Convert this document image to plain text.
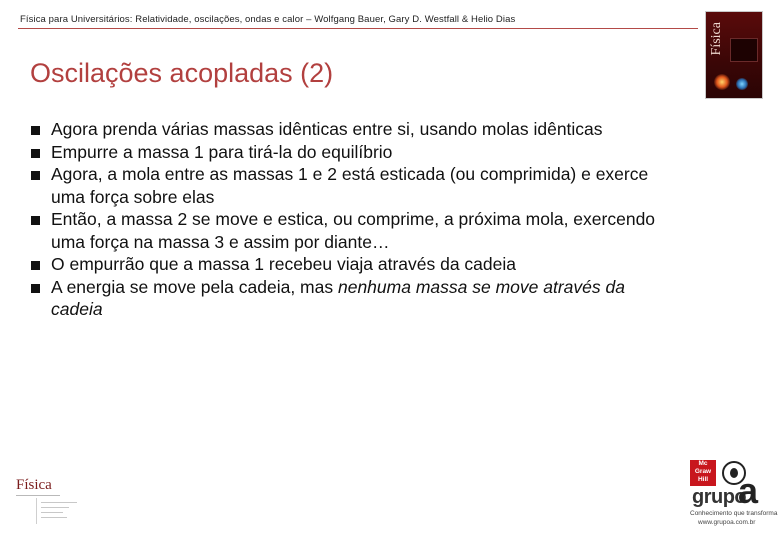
Física para Universitários: Relatividade, oscilações, ondas e calor – Wolfgang Bauer, Gary D. Westfall & Helio Dias
Física
Oscilações acopladas (2)
Agora prenda várias massas idênticas entre si, usando molas idênticas
Empurre a massa 1 para tirá-la do equilíbrio
Agora, a mola entre as massas 1 e 2 está esticada (ou comprimida) e exerce uma força sobre elas
Então, a massa 2 se move e estica, ou comprime, a próxima mola, exercendo uma força na massa 3 e assim por diante…
O empurrão que a massa 1 recebeu viaja através da cadeia
A energia se move pela cadeia, mas nenhuma massa se move através da cadeia
Física
Mc Graw Hill
grupo
a
Conhecimento que transforma
www.grupoa.com.br
